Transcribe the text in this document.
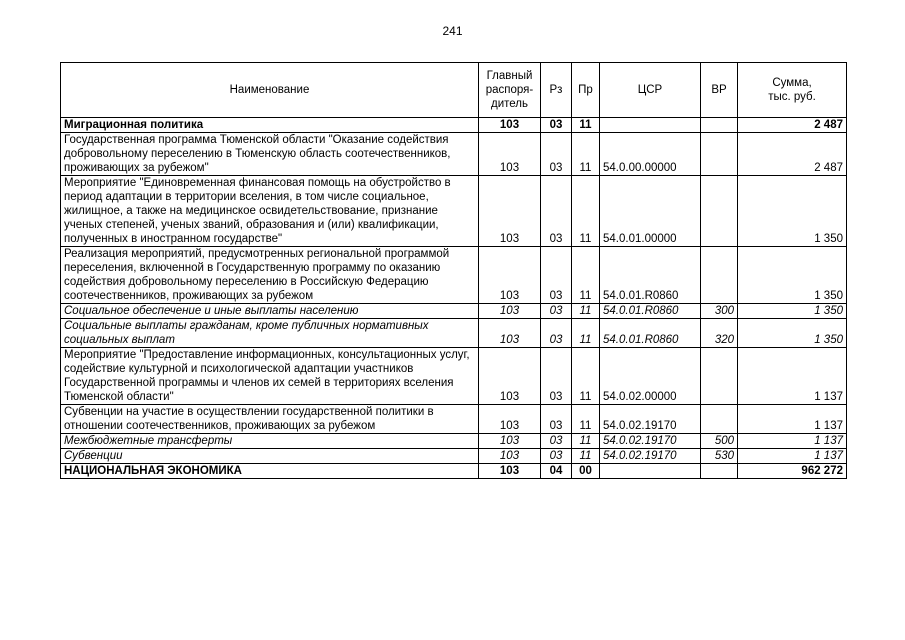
241
Наименование	Главный
распоря-
дитель	Рз	Пр	ЦСР	ВР	Сумма,
тыс. руб.
Миграционная политика	103	03	11			2 487
Государственная программа Тюменской области "Оказание содействия добровольному переселению в Тюменскую область соотечественников, проживающих за рубежом"	103	03	11	54.0.00.00000		2 487
Мероприятие "Единовременная финансовая помощь на обустройство в период адаптации в территории вселения, в том числе социальное, жилищное, а также на медицинское освидетельствование, признание ученых степеней, ученых званий, образования и (или) квалификации, полученных в иностранном государстве"	103	03	11	54.0.01.00000		1 350
Реализация мероприятий, предусмотренных региональной программой переселения, включенной в Государственную программу по оказанию содействия добровольному переселению в Российскую Федерацию соотечественников, проживающих за рубежом	103	03	11	54.0.01.R0860		1 350
Социальное обеспечение и иные выплаты населению	103	03	11	54.0.01.R0860	300	1 350
Социальные выплаты гражданам, кроме публичных нормативных социальных выплат	103	03	11	54.0.01.R0860	320	1 350
Мероприятие "Предоставление информационных, консультационных услуг, содействие культурной и психологической адаптации участников Государственной программы и членов их семей в территориях вселения Тюменской области"	103	03	11	54.0.02.00000		1 137
Субвенции на участие в осуществлении государственной политики в отношении соотечественников, проживающих за рубежом	103	03	11	54.0.02.19170		1 137
Межбюджетные трансферты	103	03	11	54.0.02.19170	500	1 137
Субвенции	103	03	11	54.0.02.19170	530	1 137
НАЦИОНАЛЬНАЯ ЭКОНОМИКА	103	04	00			962 272
